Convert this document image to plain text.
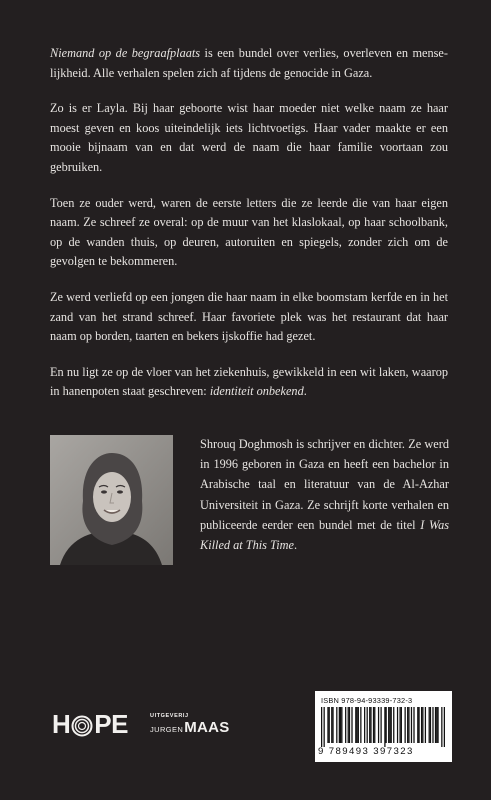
Niemand op de begraafplaats is een bundel over verlies, overleven en menselijkheid. Alle verhalen spelen zich af tijdens de genocide in Gaza.

Zo is er Layla. Bij haar geboorte wist haar moeder niet welke naam ze haar moest geven en koos uiteindelijk iets lichtvoetigs. Haar vader maakte er een mooie bijnaam van en dat werd de naam die haar familie voortaan zou gebruiken.

Toen ze ouder werd, waren de eerste letters die ze leerde die van haar eigen naam. Ze schreef ze overal: op de muur van het klaslokaal, op haar schoolbank, op de wanden thuis, op deuren, autoruiten en spiegels, zonder zich om de gevolgen te bekommeren.

Ze werd verliefd op een jongen die haar naam in elke boomstam kerfde en in het zand van het strand schreef. Haar favoriete plek was het restaurant dat haar naam op borden, taarten en bekers ijskoffie had gezet.

En nu ligt ze op de vloer van het ziekenhuis, gewikkeld in een wit laken, waarop in hanenpoten staat geschreven: identiteit onbekend.

Shrouq Doghmosh is schrijver en dichter. Ze werd in 1996 geboren in Gaza en heeft een bachelor in Arabische taal en literatuur van de Al-Azhar Universiteit in Gaza. Ze schrijft korte verhalen en publiceerde eerder een bundel met de titel I Was Killed at This Time.

H PE	UITGEVERIJ
JURGEN MAAS
ISBN 978-94-93339-732-3
9 789493 397323
